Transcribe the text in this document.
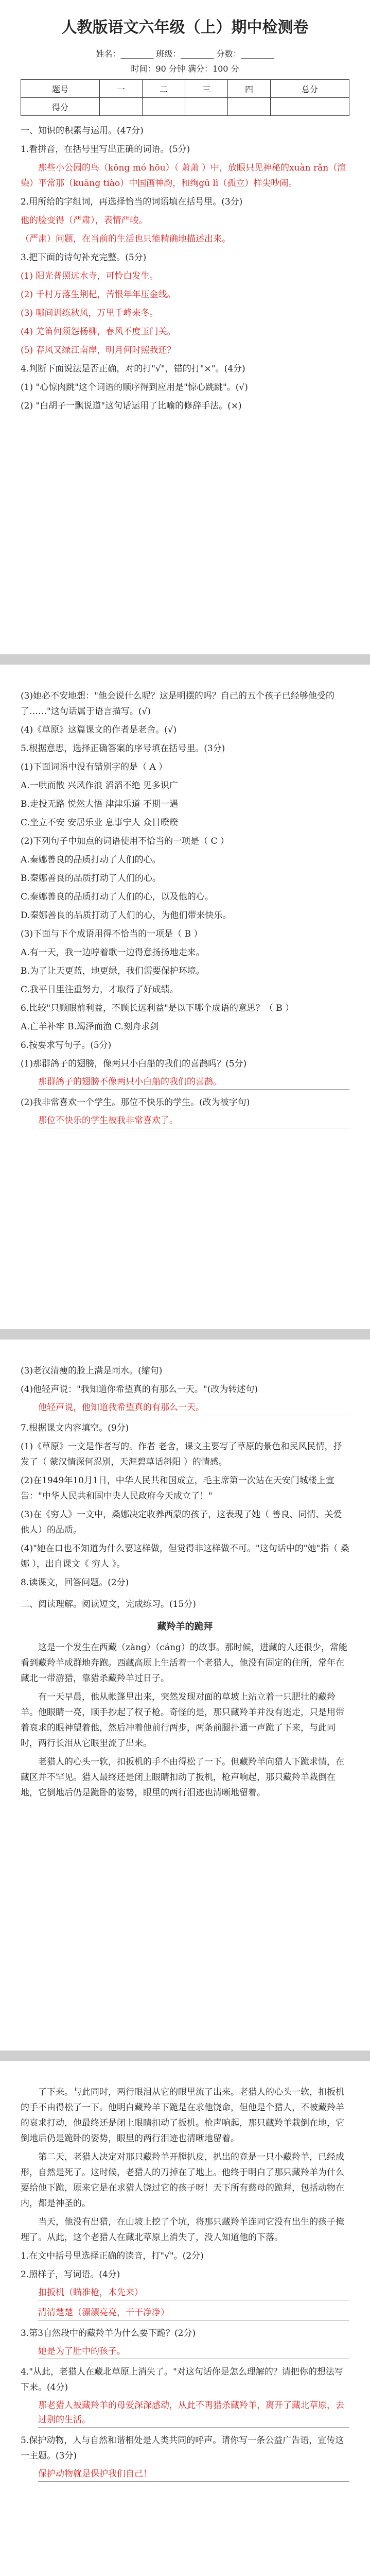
人教版语文六年级（上）期中检测卷
姓名：________ 班级：________ 分数：________
时间：90 分钟 满分：100 分
题号	一	二	三	四	总分
得分					
一、知识的积累与运用。(47分)
1.看拼音，在括号里写出正确的词语。(5分)
那些小公园的鸟（kōng mó hōu）（ 萧萧 ）中，放眼只见神秘的xuàn rǎn（渲染）平常那（kuāng tiào）中国画神韵，和绚gū lì（孤立）样尖吵闹。
2.用所给的字组词，再选择恰当的词语填在括号里。(3分)
他的脸变得（严肃），表情严峻。
（严肃）问题，在当前的生活也只能精确地描述出来。
3.把下面的诗句补充完整。(5分)
(1) 阳光普照远水寺，可怜白发生。
(2) 千村万落生荆杞，苦恨年年压金线。
(3) 哪间训练秋风，万里千峰来冬。
(4) 羌笛何须怨杨柳，春风不度玉门关。
(5) 春风又绿江南岸，明月何时照我还？
4.判断下面说法是否正确，对的打"√"，错的打"×"。(4分)
(1) "心惊肉跳"这个词语的顺序得到应用是"惊心跳跳"。(√)
(2) "白胡子一飘说道"这句话运用了比喻的修辞手法。(×)
(3)她必不安地想："他会说什么呢？这是明摆的吗？自己的五个孩子已经够他受的了……"这句话属于语言描写。(√)
(4)《草原》这篇课文的作者是老舍。(√)
5.根据意思，选择正确答案的序号填在括号里。(3分)
(1)下面词语中没有错别字的是（ A ）
A.一哄而散 兴风作浪 滔滔不绝 见多识广
B.走投无路 悦然大悟 津津乐道 不期一遇
C.坐立不安 安居乐业 息事宁人 众目暌暌
(2)下列句子中加点的词语使用不恰当的一项是（ C ）
A.秦娜善良的品质打动了人们的心。
B.秦娜善良的品质打动了人们的心。
C.秦娜善良的品质打动了人们的心，以及他的心。
D.秦娜善良的品质打动了人们的心，为他们带来快乐。
(3)下面与下个成语用得不恰当的一项是（ B ）
A.有一天，我一边哼着歌一边得意扬扬地走来。
B.为了让天更蓝，地更绿，我们需要保护环境。
C.我平日里注重努力，才取得了好成绩。
6.比较"只顾眼前利益，不顾长远利益"是以下哪个成语的意思？（ B ）
A.亡羊补牢 B.竭泽而渔 C.刻舟求剑
6.按要求写句子。(5分)
(1)那群鸽子的翅膀，像两只小白船的我们的喜鹊吗？(5分)
那群鸽子的翅膀不像两只小白船的我们的喜鹊。
(2)我非常喜欢一个学生。那位不快乐的学生。(改为被字句)
那位不快乐的学生被我非常喜欢了。
(3)老汉清瘦的脸上满是雨水。(缩句)
(4)他轻声说："我知道你希望真的有那么一天。"(改为转述句)
他轻声说，他知道我希望真的有那么一天。
7.根据课文内容填空。(9分)
(1)《草原》一文是作者写的。作者 老舍，课文主要写了草原的景色和民风民情，抒发了（ 蒙汉情深何忍别，天涯碧草话斜阳 ）的情感。
(2)在1949年10月1日，中华人民共和国成立，毛主席第一次站在天安门城楼上宣告："中华人民共和国中央人民政府今天成立了！"
(3)在《穷人》一文中，桑娜决定收养西蒙的孩子，这表现了她（ 善良、同情、关爱他人）的品质。
(4)"她在口也不知道为什么要这样做，但觉得非这样做不可。"这句话中的"她"指（ 桑娜 ），出自课文《 穷人 》。
8.读课文，回答问题。(2分)
二、阅读理解。阅读短文，完成练习。(15分)
藏羚羊的跪拜
这是一个发生在西藏（zàng）（cáng）的故事。那时候，进藏的人还很少，常能看到藏羚羊成群地奔跑。西藏高原上生活着一个老猎人，他没有固定的住所，常年在藏北一带游猎，靠猎杀藏羚羊过日子。
有一天早晨，他从帐篷里出来，突然发现对面的草坡上站立着一只肥壮的藏羚羊。他眼睛一亮，顺手抄起了杈子枪。奇怪的是，那只藏羚羊并没有逃走，只是用带着哀求的眼神望着他，然后冲着他前行两步，两条前腿扑通一声跪了下来，与此同时，两行长泪从它眼里流了出来。
老猎人的心头一软，扣扳机的手不由得松了一下。但藏羚羊向猎人下跪求情，在藏区并不罕见。猎人最终还是闭上眼睛扣动了扳机，枪声响起，那只藏羚羊栽倒在地，它倒地后仍是跪卧的姿势，眼里的两行泪迹也清晰地留着。
了下来。与此同时，两行眼泪从它的眼里流了出来。老猎人的心头一软，扣扳机的手不由得松了一下。他明白藏羚羊下跪是在求他饶命，但他是个猎人，不被藏羚羊的哀求打动，他最终还是闭上眼睛扣动了扳机。枪声响起，那只藏羚羊栽倒在地，它倒地后仍是跪卧的姿势，眼里的两行泪迹也清晰地留着。
第二天，老猎人决定对那只藏羚羊开膛扒皮，扒出的竟是一只小藏羚羊，已经成形，自然是死了。这时候，老猎人的刀掉在了地上。他终于明白了那只藏羚羊为什么要给他下跪，原来它是在求猎人饶过它的孩子呀！天下所有慈母的跪拜，包括动物在内，都是神圣的。
当天，他没有出猎，在山坡上挖了个坑，将那只藏羚羊连同它没有出生的孩子掩埋了。从此，这个老猎人在藏北草原上消失了，没人知道他的下落。
1.在文中括号里选择正确的读音，打"√"。(2分)
2.照样子，写词语。(4分)
扣扳机（瞄准枪，木先来）
清清楚楚（漂漂亮亮，干干净净）
3.第3自然段中的藏羚羊为什么要下跪？(2分)
她是为了肚中的孩子。
4."从此，老猎人在藏北草原上消失了。"对这句话你是怎么理解的？请把你的想法写下来。(4分)
那老猎人被藏羚羊的母爱深深感动，从此不再猎杀藏羚羊，离开了藏北草原，去过别的生活。
5.保护动物，人与自然和谐相处是人类共同的呼声。请你写一条公益广告语，宣传这一主题。(3分)
保护动物就是保护我们自己！
